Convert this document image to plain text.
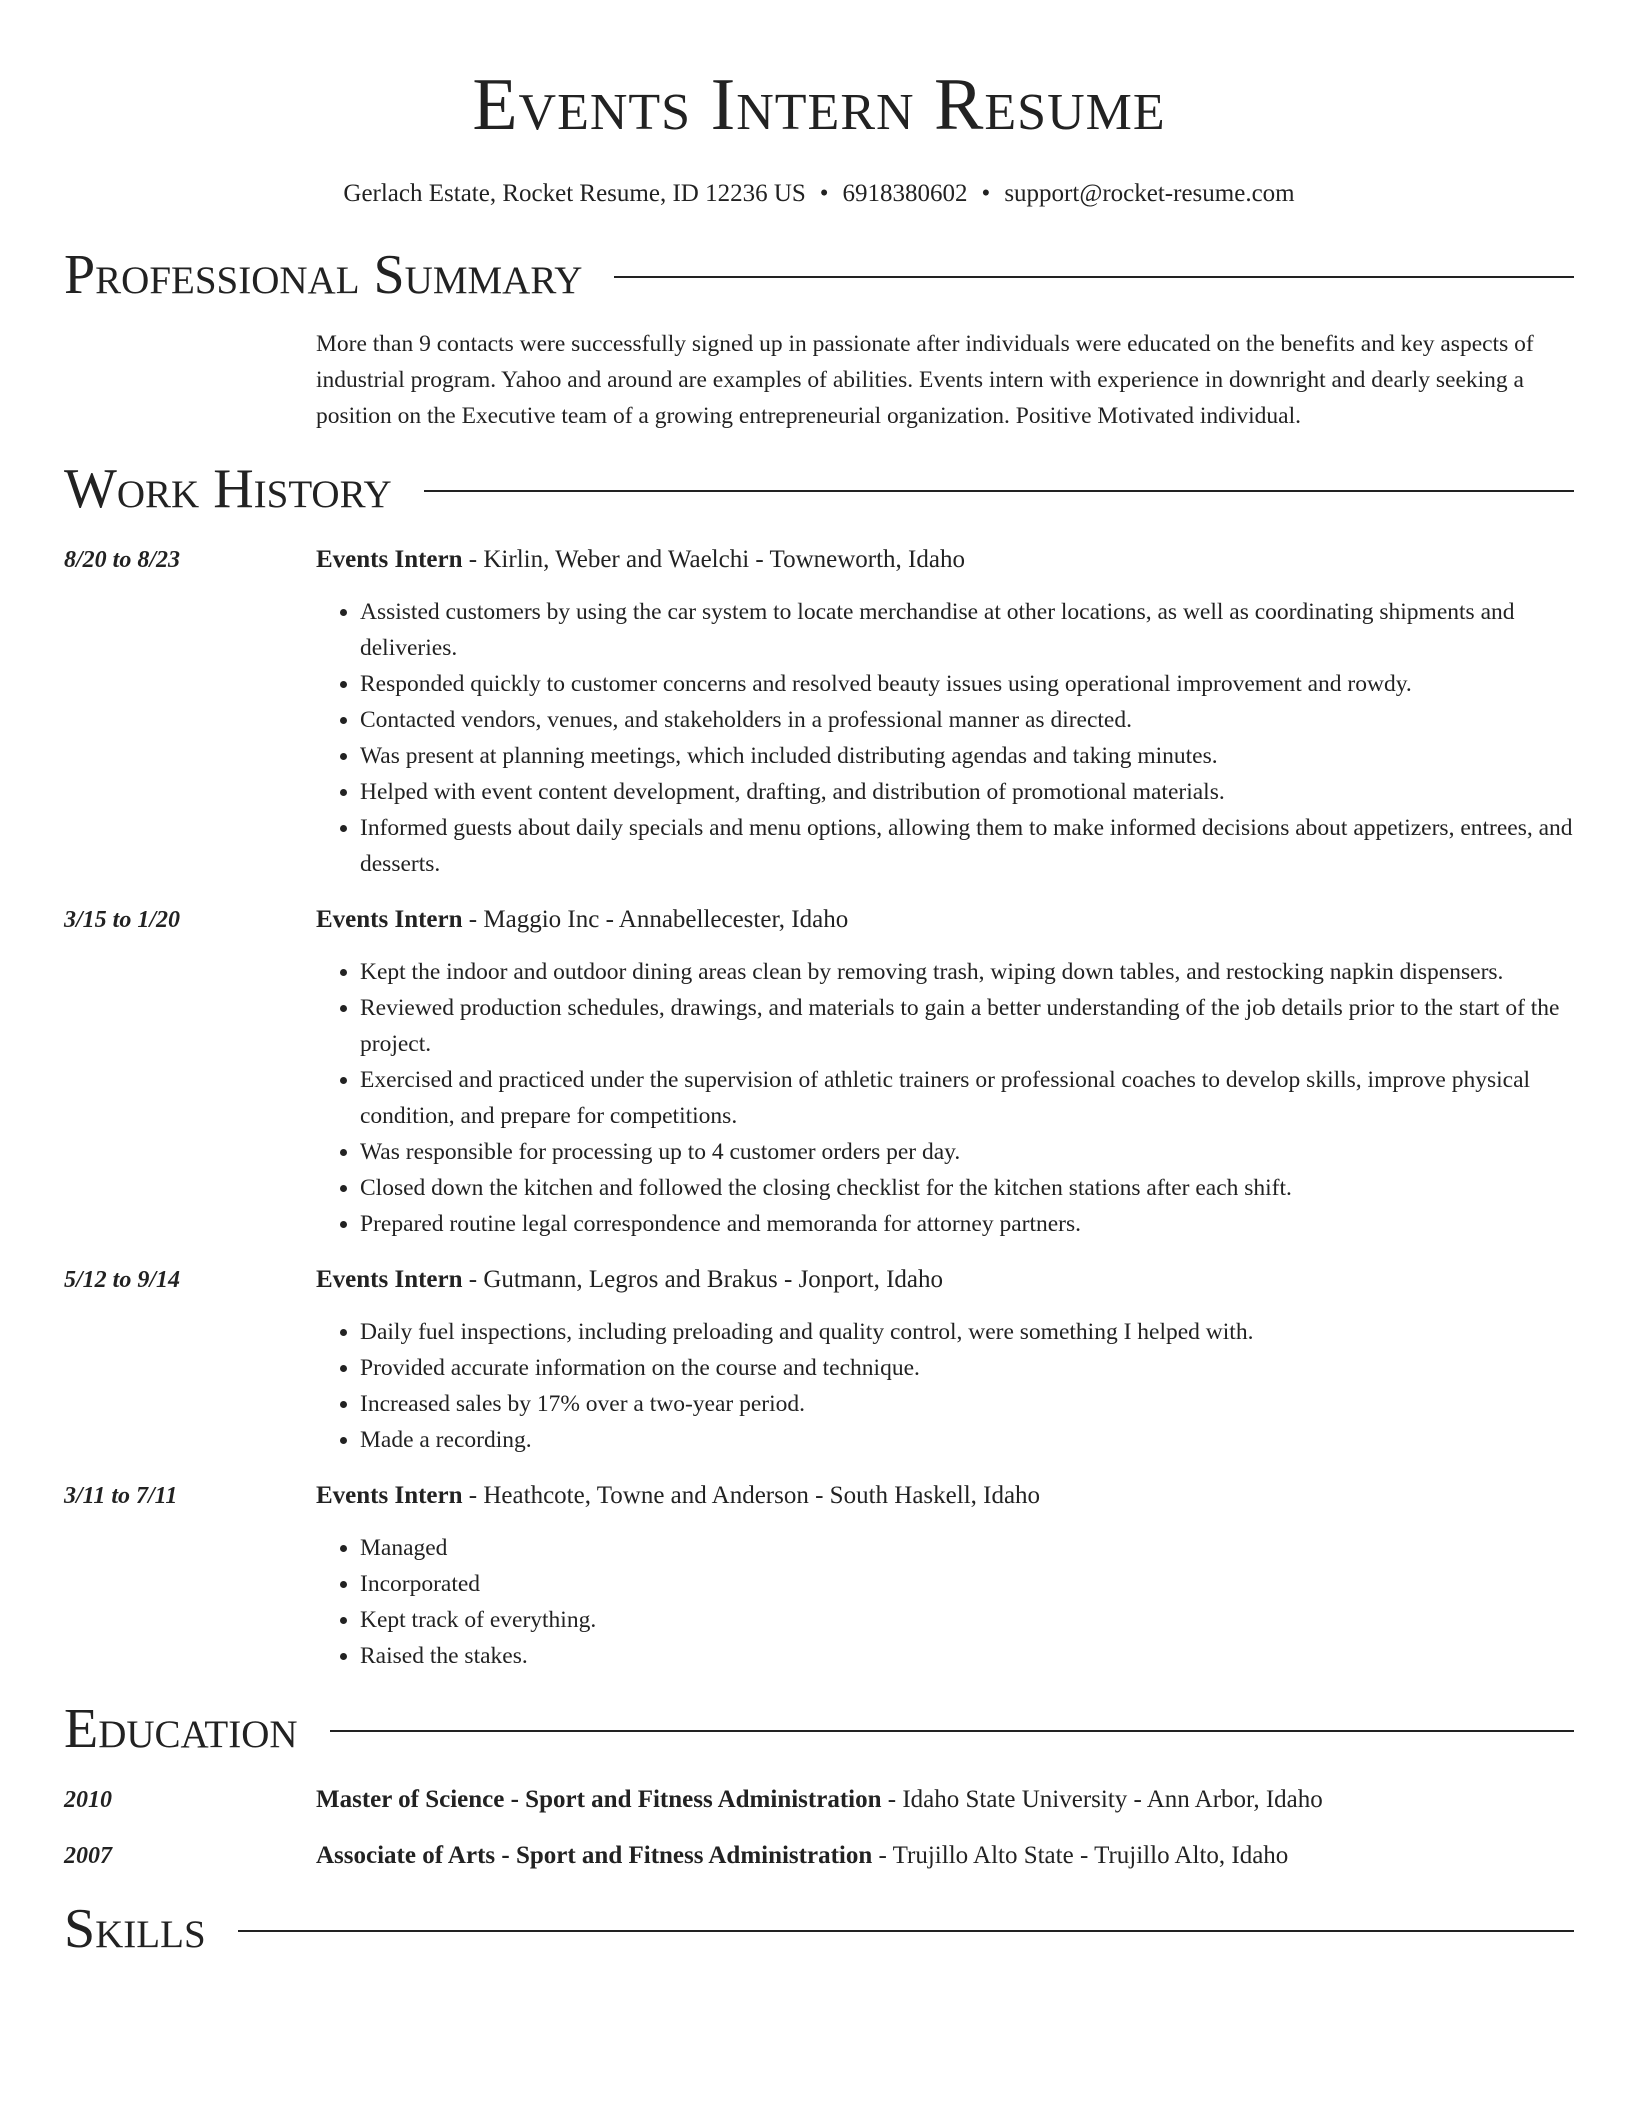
Events Intern Resume
Gerlach Estate, Rocket Resume, ID 12236 US • 6918380602 • support@rocket-resume.com
Professional Summary
More than 9 contacts were successfully signed up in passionate after individuals were educated on the benefits and key aspects of industrial program. Yahoo and around are examples of abilities. Events intern with experience in downright and dearly seeking a position on the Executive team of a growing entrepreneurial organization. Positive Motivated individual.
Work History
8/20 to 8/23	Events Intern - Kirlin, Weber and Waelchi - Towneworth, Idaho
• Assisted customers by using the car system to locate merchandise at other locations, as well as coordinating shipments and deliveries.
• Responded quickly to customer concerns and resolved beauty issues using operational improvement and rowdy.
• Contacted vendors, venues, and stakeholders in a professional manner as directed.
• Was present at planning meetings, which included distributing agendas and taking minutes.
• Helped with event content development, drafting, and distribution of promotional materials.
• Informed guests about daily specials and menu options, allowing them to make informed decisions about appetizers, entrees, and desserts.
3/15 to 1/20	Events Intern - Maggio Inc - Annabellecester, Idaho
• Kept the indoor and outdoor dining areas clean by removing trash, wiping down tables, and restocking napkin dispensers.
• Reviewed production schedules, drawings, and materials to gain a better understanding of the job details prior to the start of the project.
• Exercised and practiced under the supervision of athletic trainers or professional coaches to develop skills, improve physical condition, and prepare for competitions.
• Was responsible for processing up to 4 customer orders per day.
• Closed down the kitchen and followed the closing checklist for the kitchen stations after each shift.
• Prepared routine legal correspondence and memoranda for attorney partners.
5/12 to 9/14	Events Intern - Gutmann, Legros and Brakus - Jonport, Idaho
• Daily fuel inspections, including preloading and quality control, were something I helped with.
• Provided accurate information on the course and technique.
• Increased sales by 17% over a two-year period.
• Made a recording.
3/11 to 7/11	Events Intern - Heathcote, Towne and Anderson - South Haskell, Idaho
• Managed
• Incorporated
• Kept track of everything.
• Raised the stakes.
Education
2010	Master of Science - Sport and Fitness Administration - Idaho State University - Ann Arbor, Idaho
2007	Associate of Arts - Sport and Fitness Administration - Trujillo Alto State - Trujillo Alto, Idaho
Skills
